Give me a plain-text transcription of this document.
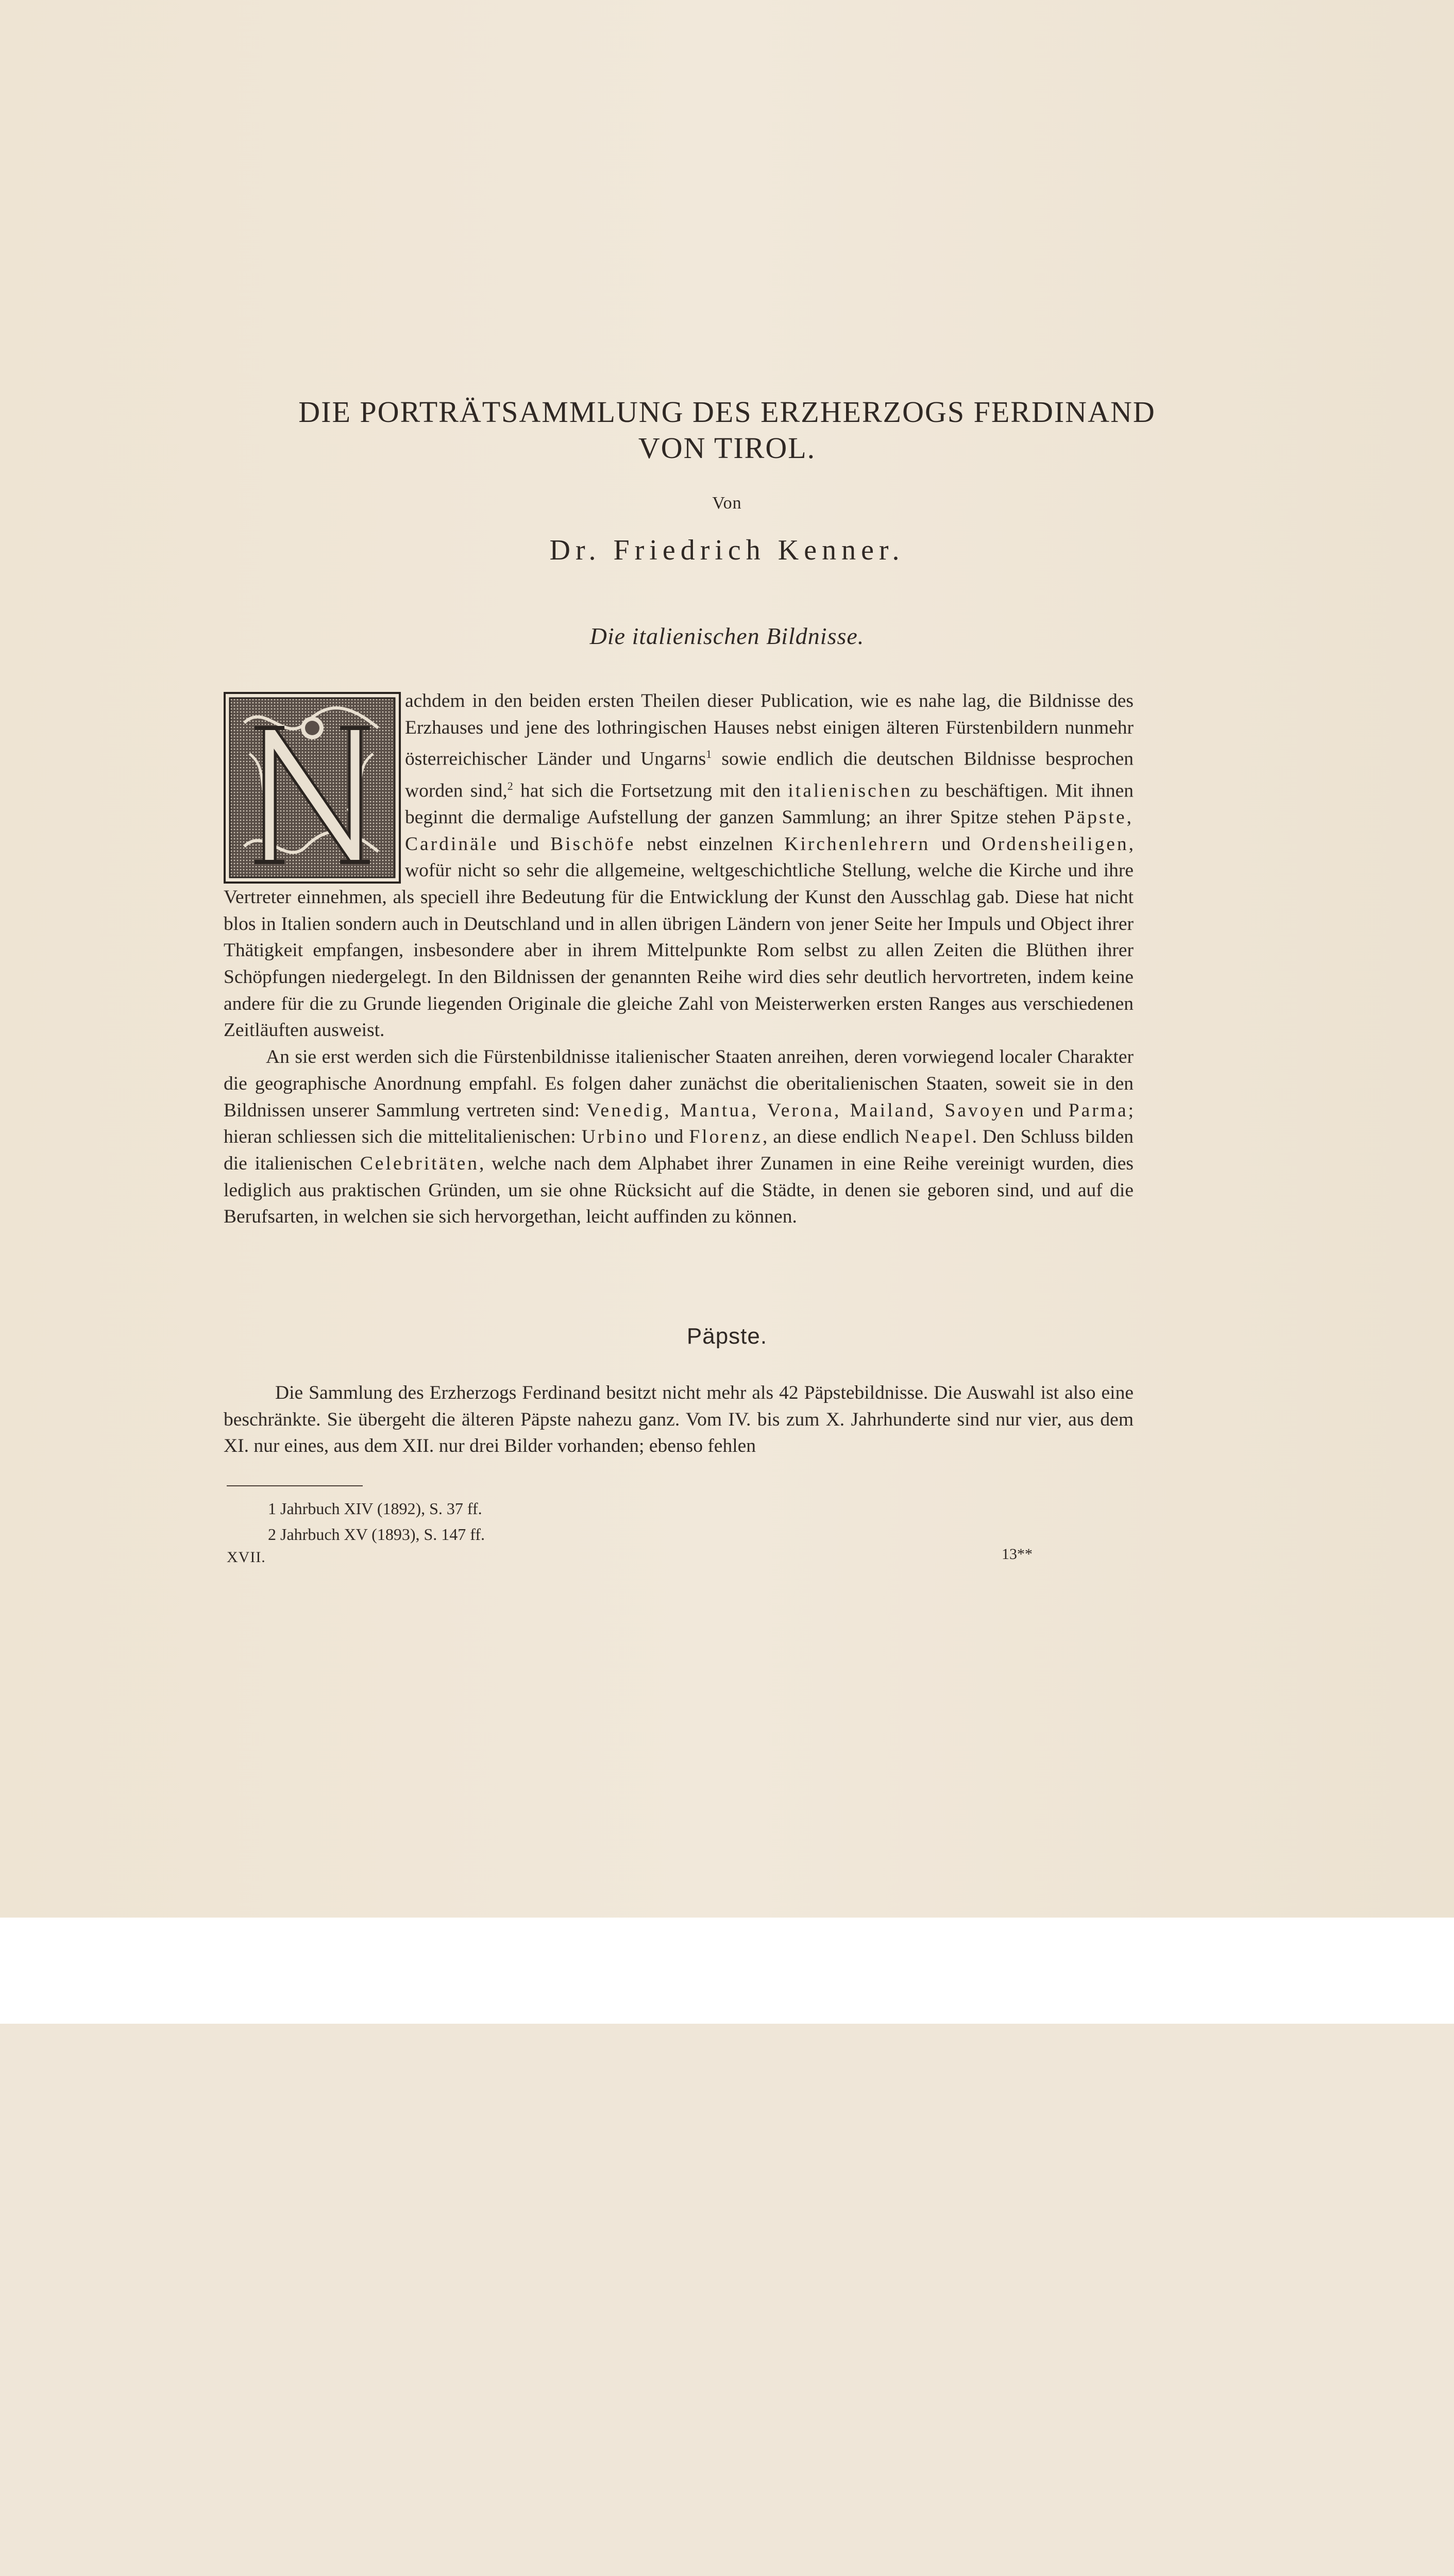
DIE PORTRÄTSAMMLUNG DES ERZHERZOGS FERDINAND
VON TIROL.
Von
Dr. Friedrich Kenner.
Die italienischen Bildnisse.

achdem in den beiden ersten Theilen dieser Publication, wie es nahe lag, die Bildnisse des Erzhauses und jene des lothringischen Hauses nebst einigen älteren Fürstenbildern nunmehr österreichischer Länder und Ungarns$^1$ sowie endlich die deutschen Bildnisse besprochen worden sind,$^2$ hat sich die Fortsetzung mit den italienischen zu beschäftigen. Mit ihnen beginnt die dermalige Aufstellung der ganzen Sammlung; an ihrer Spitze stehen Päpste, Cardinäle und Bischöfe nebst einzelnen Kirchenlehrern und Ordensheiligen, wofür nicht so sehr die allgemeine, weltgeschichtliche Stellung, welche die Kirche und ihre Vertreter einnehmen, als speciell ihre Bedeutung für die Entwicklung der Kunst den Ausschlag gab. Diese hat nicht blos in Italien sondern auch in Deutschland und in allen übrigen Ländern von jener Seite her Impuls und Object ihrer Thätigkeit empfangen, insbesondere aber in ihrem Mittelpunkte Rom selbst zu allen Zeiten die Blüthen ihrer Schöpfungen niedergelegt. In den Bildnissen der genannten Reihe wird dies sehr deutlich hervortreten, indem keine andere für die zu Grunde liegenden Originale die gleiche Zahl von Meisterwerken ersten Ranges aus verschiedenen Zeitläuften ausweist.

An sie erst werden sich die Fürstenbildnisse italienischer Staaten anreihen, deren vorwiegend localer Charakter die geographische Anordnung empfahl. Es folgen daher zunächst die oberitalienischen Staaten, soweit sie in den Bildnissen unserer Sammlung vertreten sind: Venedig, Mantua, Verona, Mailand, Savoyen und Parma; hieran schliessen sich die mittelitalienischen: Urbino und Florenz, an diese endlich Neapel. Den Schluss bilden die italienischen Celebritäten, welche nach dem Alphabet ihrer Zunamen in eine Reihe vereinigt wurden, dies lediglich aus praktischen Gründen, um sie ohne Rücksicht auf die Städte, in denen sie geboren sind, und auf die Berufsarten, in welchen sie sich hervorgethan, leicht auffinden zu können.

Päpste.
Die Sammlung des Erzherzogs Ferdinand besitzt nicht mehr als 42 Päpstebildnisse. Die Auswahl ist also eine beschränkte. Sie übergeht die älteren Päpste nahezu ganz. Vom IV. bis zum X. Jahrhunderte sind nur vier, aus dem XI. nur eines, aus dem XII. nur drei Bilder vorhanden; ebenso fehlen
1 Jahrbuch XIV (1892), S. 37 ff.
2 Jahrbuch XV (1893), S. 147 ff.
XVII.	13**
